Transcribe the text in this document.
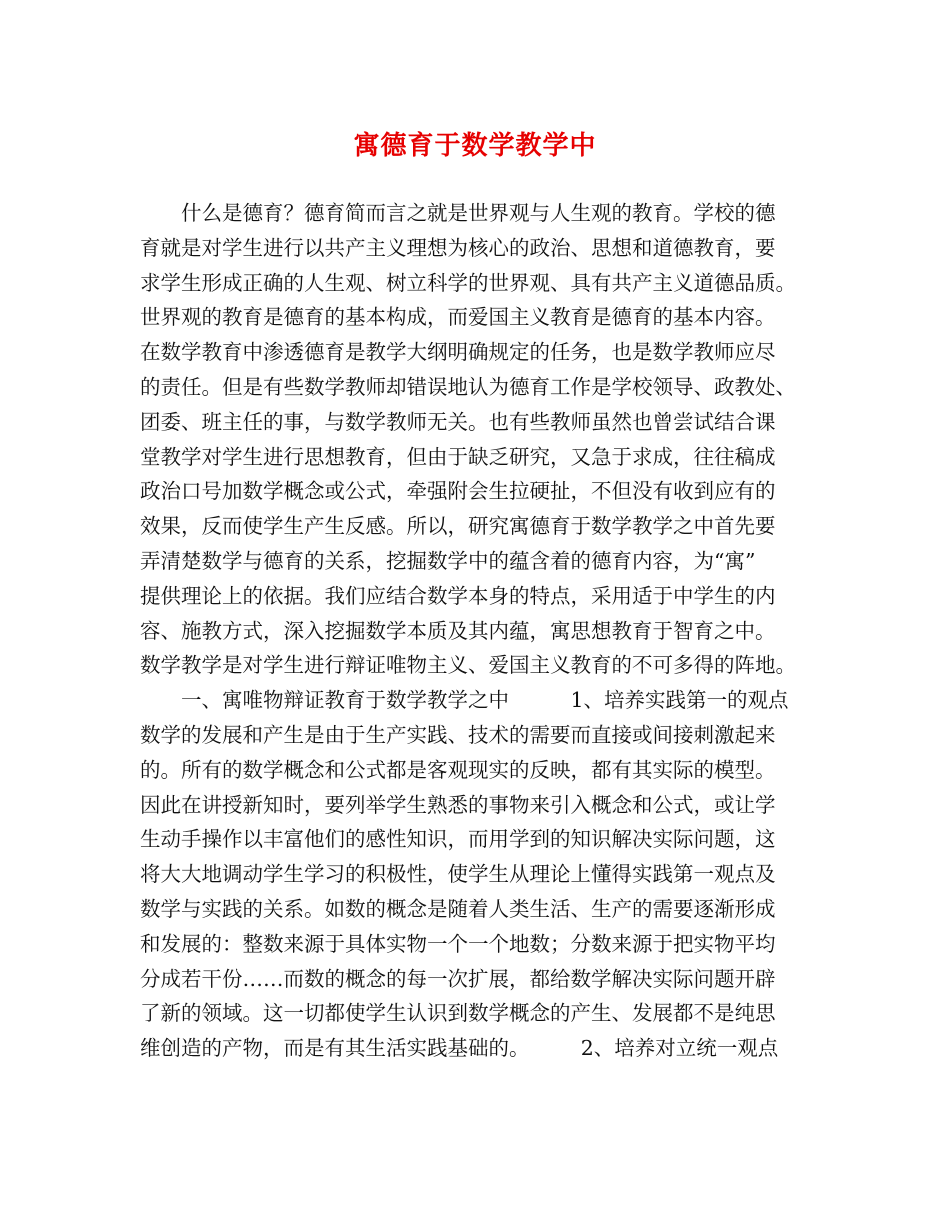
寓德育于数学教学中
　　什么是德育？德育简而言之就是世界观与人生观的教育。学校的德
育就是对学生进行以共产主义理想为核心的政治、思想和道德教育，要
求学生形成正确的人生观、树立科学的世界观、具有共产主义道德品质。
世界观的教育是德育的基本构成，而爱国主义教育是德育的基本内容。
在数学教育中渗透德育是教学大纲明确规定的任务，也是数学教师应尽
的责任。但是有些数学教师却错误地认为德育工作是学校领导、政教处、
团委、班主任的事，与数学教师无关。也有些教师虽然也曾尝试结合课
堂教学对学生进行思想教育，但由于缺乏研究，又急于求成，往往稿成
政治口号加数学概念或公式，牵强附会生拉硬扯，不但没有收到应有的
效果，反而使学生产生反感。所以，研究寓德育于数学教学之中首先要
弄清楚数学与德育的关系，挖掘数学中的蕴含着的德育内容，为“寓”
提供理论上的依据。我们应结合数学本身的特点，采用适于中学生的内
容、施教方式，深入挖掘数学本质及其内蕴，寓思想教育于智育之中。
数学教学是对学生进行辩证唯物主义、爱国主义教育的不可多得的阵地。
　　一、寓唯物辩证教育于数学教学之中　　　1、培养实践第一的观点
数学的发展和产生是由于生产实践、技术的需要而直接或间接刺激起来
的。所有的数学概念和公式都是客观现实的反映，都有其实际的模型。
因此在讲授新知时，要列举学生熟悉的事物来引入概念和公式，或让学
生动手操作以丰富他们的感性知识，而用学到的知识解决实际问题，这
将大大地调动学生学习的积极性，使学生从理论上懂得实践第一观点及
数学与实践的关系。如数的概念是随着人类生活、生产的需要逐渐形成
和发展的：整数来源于具体实物一个一个地数；分数来源于把实物平均
分成若干份……而数的概念的每一次扩展，都给数学解决实际问题开辟
了新的领域。这一切都使学生认识到数学概念的产生、发展都不是纯思
维创造的产物，而是有其生活实践基础的。　　　2、培养对立统一观点
